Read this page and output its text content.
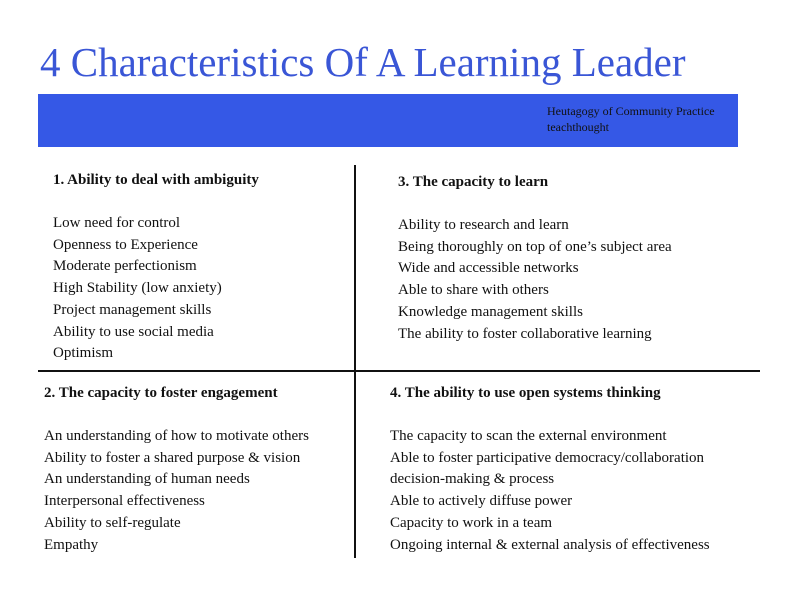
4 Characteristics Of A Learning Leader
Heutagogy of Community Practice
teachthought

1. Ability to deal with ambiguity

Low need for control
Openness to Experience
Moderate perfectionism
High Stability (low anxiety)
Project management skills
Ability to use social media
Optimism

3. The capacity to learn

Ability to research and learn
Being thoroughly on top of one’s subject area
Wide and accessible networks
Able to share with others
Knowledge management skills
The ability to foster collaborative learning

2. The capacity to foster engagement

An understanding of how to motivate others
Ability to foster a shared purpose & vision
An understanding of human needs
Interpersonal effectiveness
Ability to self-regulate
Empathy

4. The ability to use open systems thinking

The capacity to scan the external environment
Able to foster participative democracy/collaboration
decision-making & process
Able to actively diffuse power
Capacity to work in a team
Ongoing internal & external analysis of effectiveness
